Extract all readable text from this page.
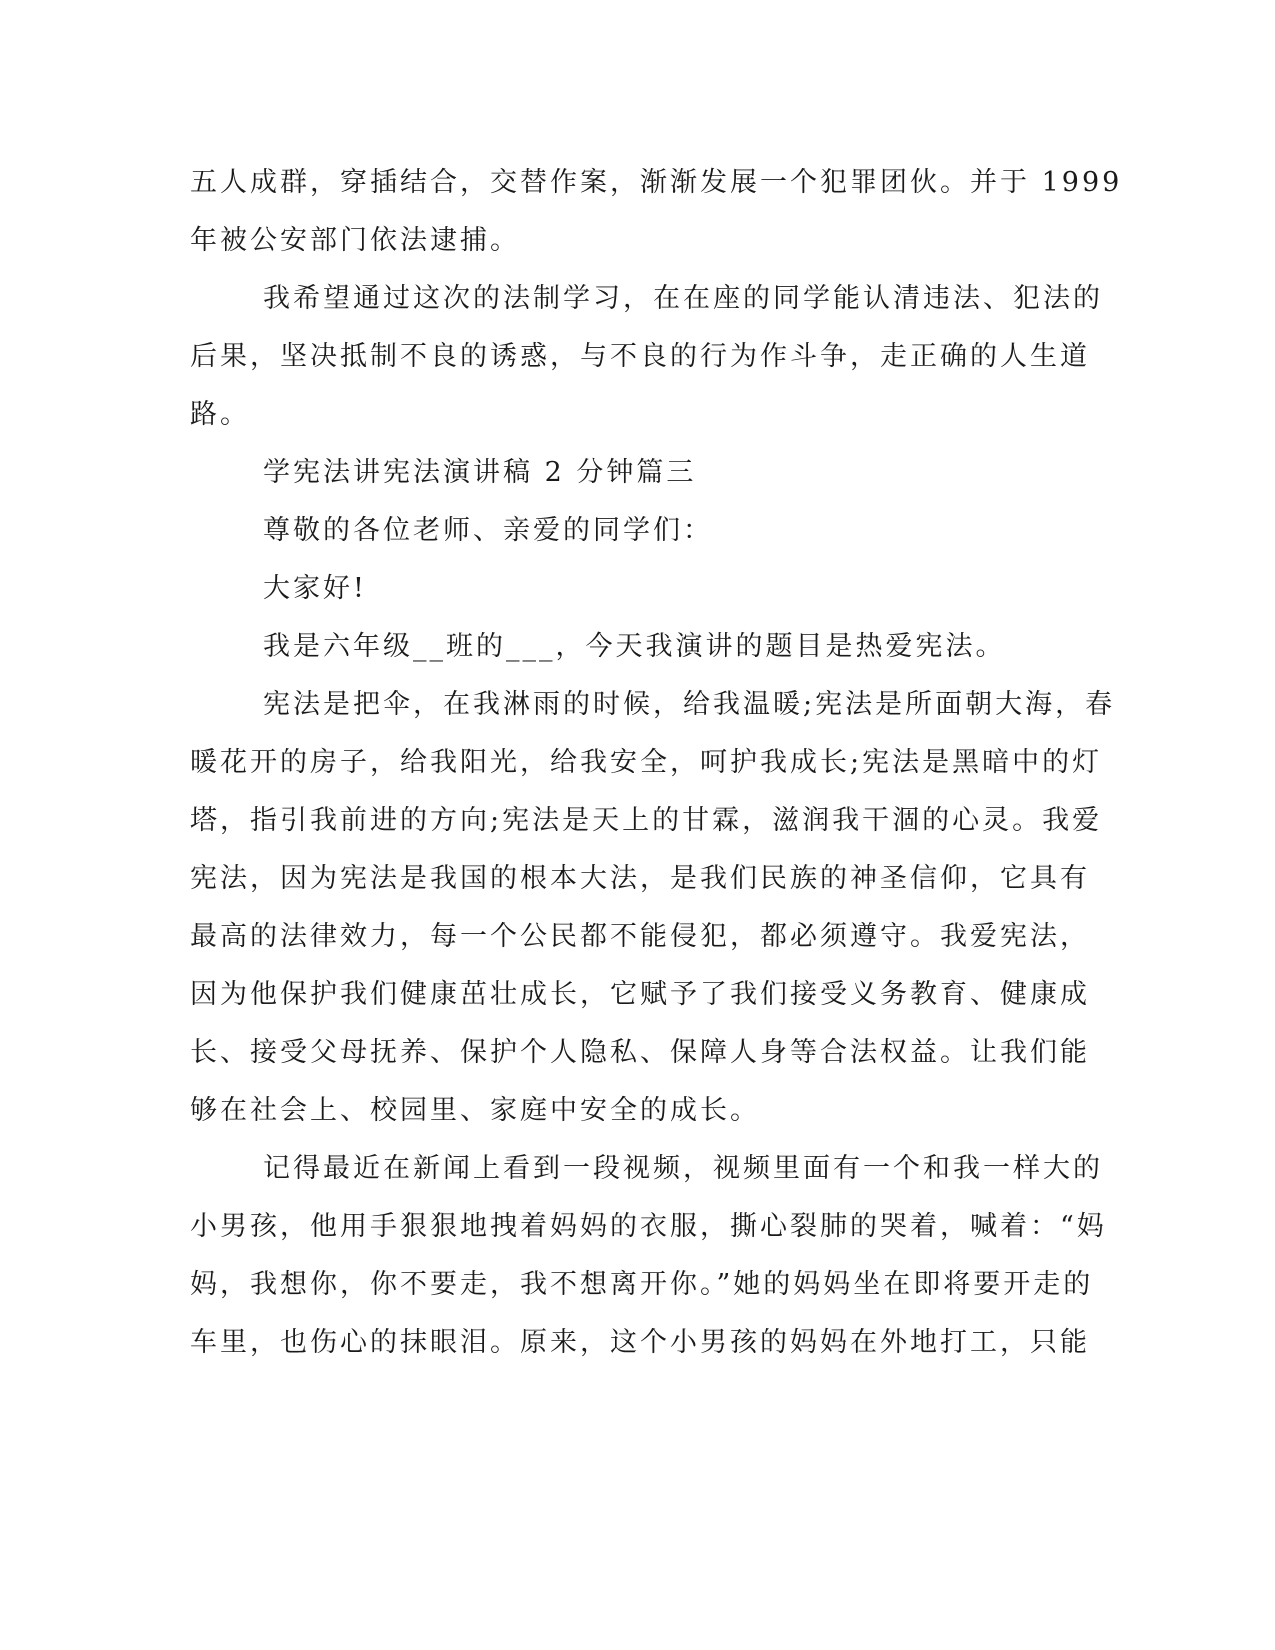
五人成群，穿插结合，交替作案，渐渐发展一个犯罪团伙。并于 1999
年被公安部门依法逮捕。
我希望通过这次的法制学习，在在座的同学能认清违法、犯法的
后果，坚决抵制不良的诱惑，与不良的行为作斗争，走正确的人生道
路。
学宪法讲宪法演讲稿 2 分钟篇三
尊敬的各位老师、亲爱的同学们：
大家好!
我是六年级__班的___，今天我演讲的题目是热爱宪法。
宪法是把伞，在我淋雨的时候，给我温暖;宪法是所面朝大海，春
暖花开的房子，给我阳光，给我安全，呵护我成长;宪法是黑暗中的灯
塔，指引我前进的方向;宪法是天上的甘霖，滋润我干涸的心灵。我爱
宪法，因为宪法是我国的根本大法，是我们民族的神圣信仰，它具有
最高的法律效力，每一个公民都不能侵犯，都必须遵守。我爱宪法，
因为他保护我们健康茁壮成长，它赋予了我们接受义务教育、健康成
长、接受父母抚养、保护个人隐私、保障人身等合法权益。让我们能
够在社会上、校园里、家庭中安全的成长。
记得最近在新闻上看到一段视频，视频里面有一个和我一样大的
小男孩，他用手狠狠地拽着妈妈的衣服，撕心裂肺的哭着，喊着：“妈
妈，我想你，你不要走，我不想离开你。”她的妈妈坐在即将要开走的
车里，也伤心的抹眼泪。原来，这个小男孩的妈妈在外地打工，只能
